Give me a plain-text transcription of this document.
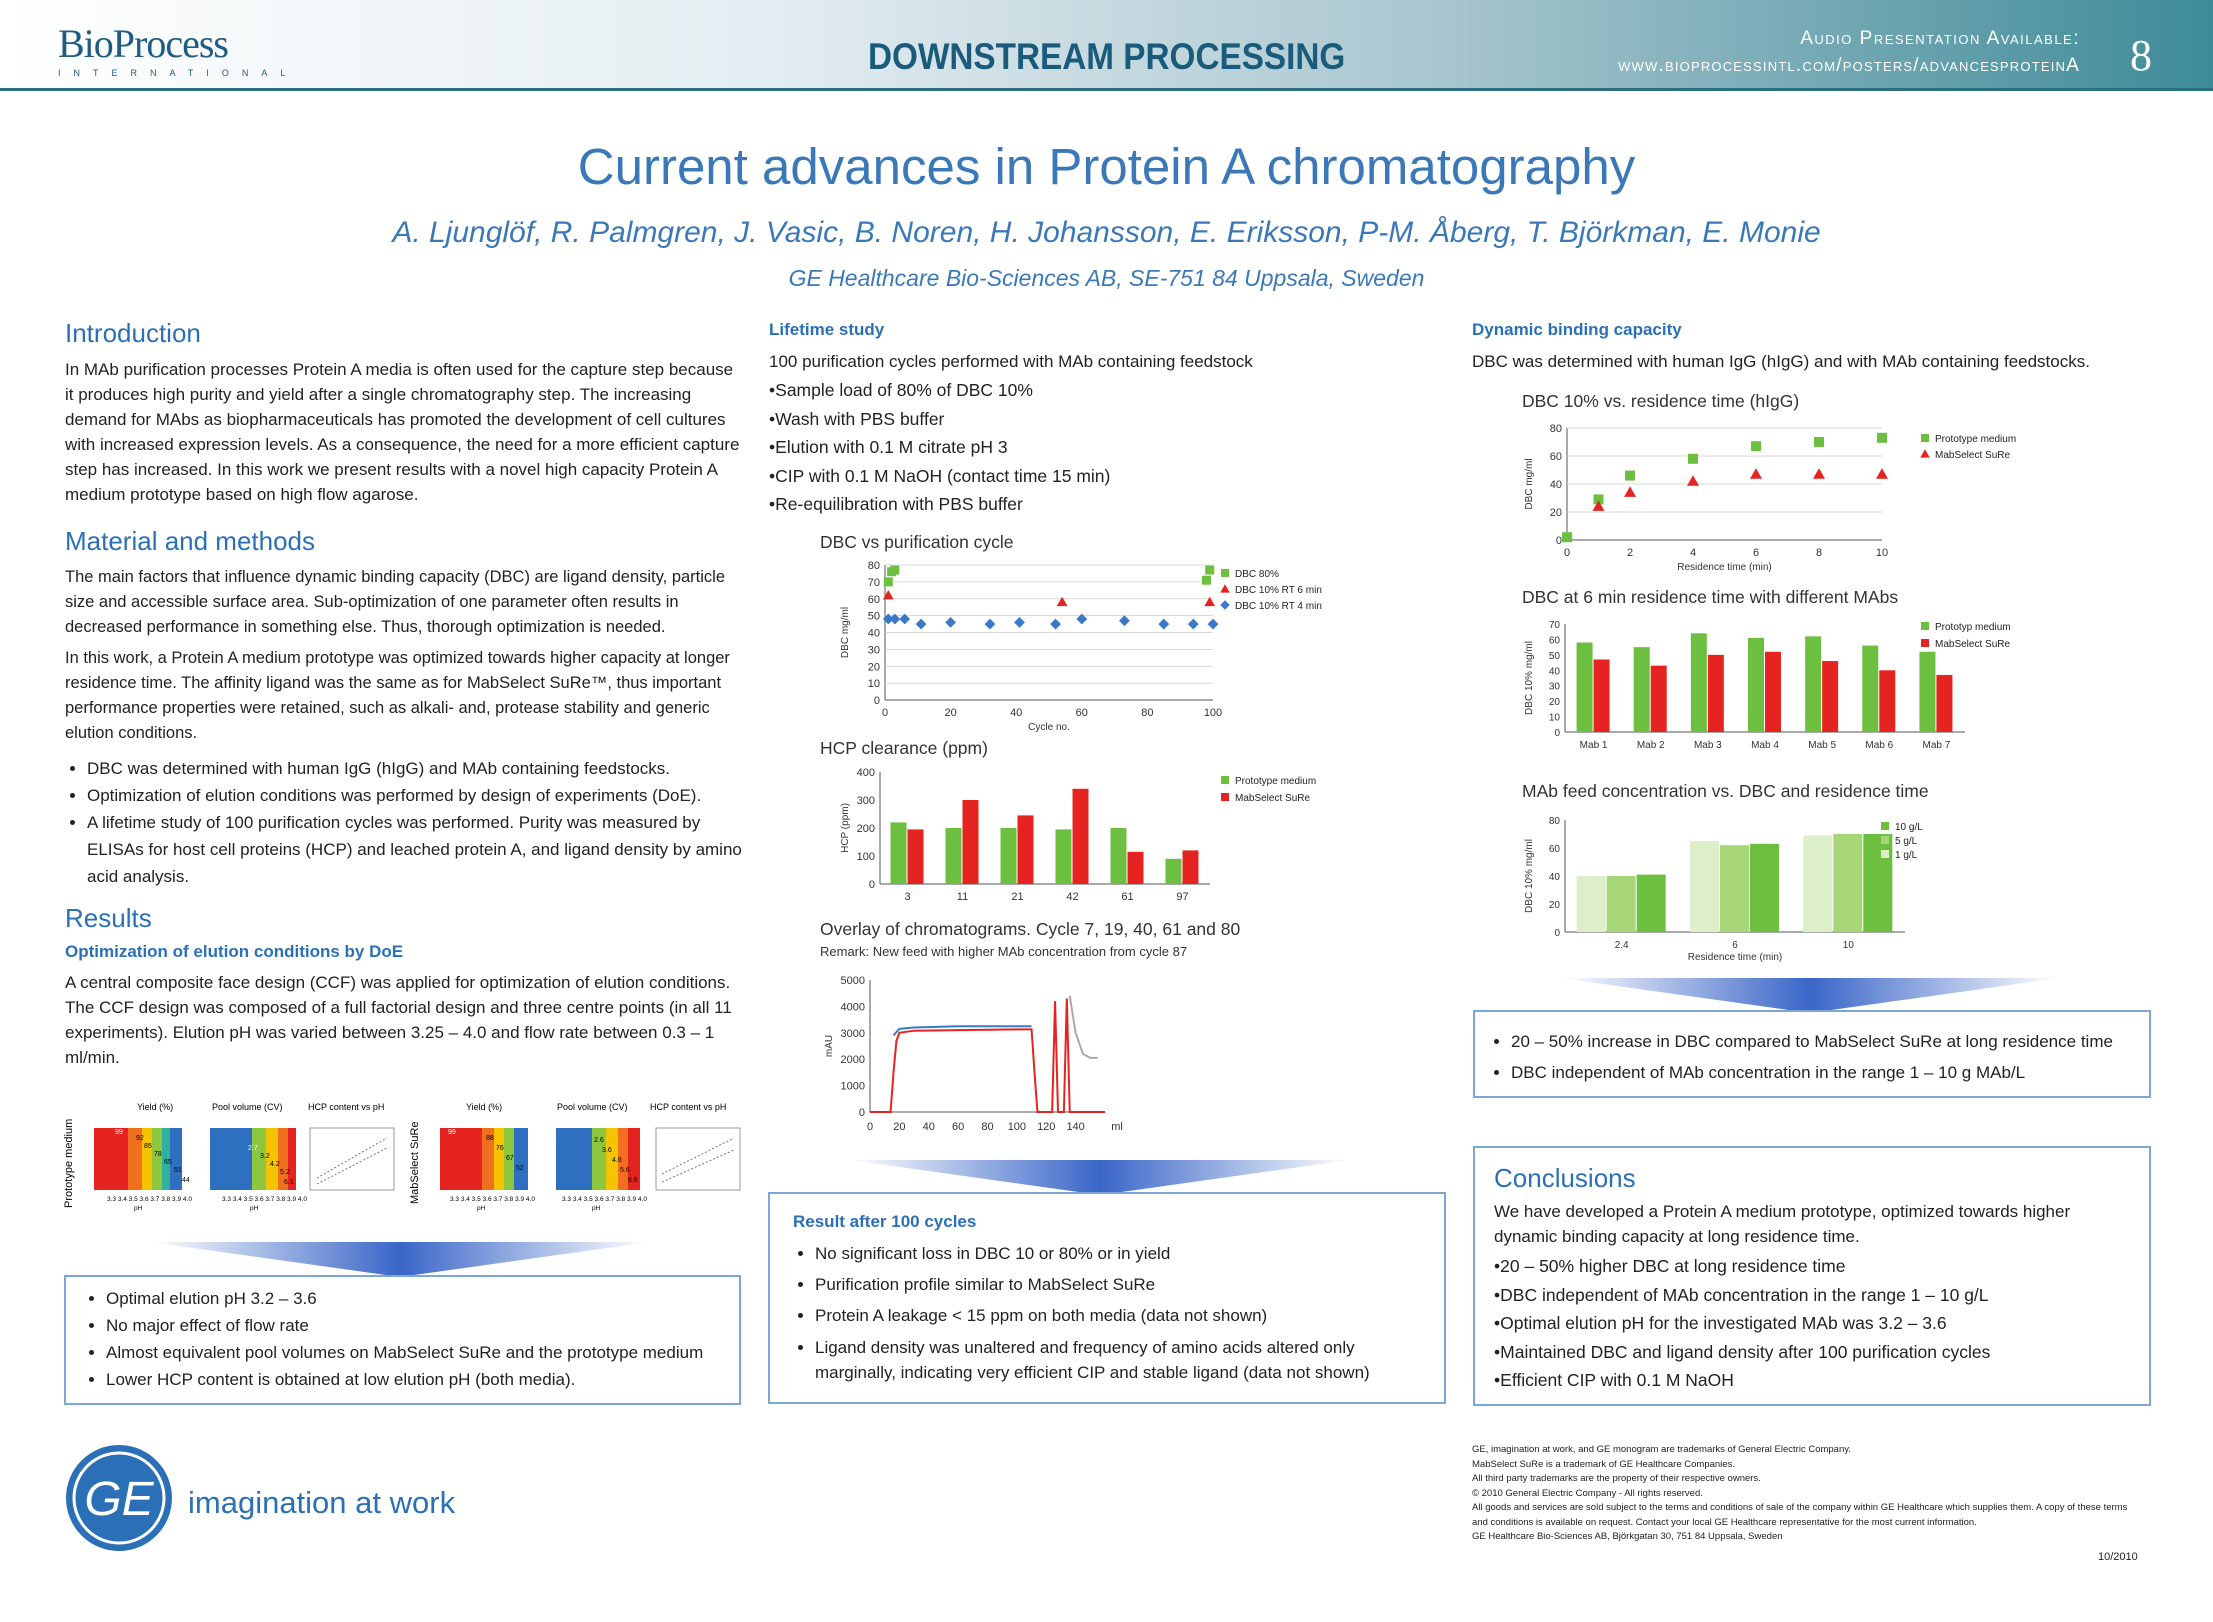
BioProcess
INTERNATIONAL	DOWNSTREAM PROCESSING	Audio Presentation Available:
www.bioprocessintl.com/posters/advancesproteinA 8
Current advances in Protein A chromatography
A. Ljunglöf, R. Palmgren, J. Vasic, B. Noren, H. Johansson, E. Eriksson, P-M. Åberg, T. Björkman, E. Monie
GE Healthcare Bio-Sciences AB, SE-751 84 Uppsala, Sweden
Introduction
In MAb purification processes Protein A media is often used for the capture step because it produces high purity and yield after a single chromatography step. The increasing demand for MAbs as biopharmaceuticals has promoted the development of cell cultures with increased expression levels. As a consequence, the need for a more efficient capture step has increased. In this work we present results with a novel high capacity Protein A medium prototype based on high flow agarose.
Material and methods
The main factors that influence dynamic binding capacity (DBC) are ligand density, particle size and accessible surface area. Sub-optimization of one parameter often results in decreased performance in something else. Thus, thorough optimization is needed.
In this work, a Protein A medium prototype was optimized towards higher capacity at longer residence time. The affinity ligand was the same as for MabSelect SuRe™, thus important performance properties were retained, such as alkali- and, protease stability and generic elution conditions.
• DBC was determined with human IgG (hIgG) and MAb containing feedstocks.
• Optimization of elution conditions was performed by design of experiments (DoE).
• A lifetime study of 100 purification cycles was performed. Purity was measured by ELISAs for host cell proteins (HCP) and leached protein A, and ligand density by amino acid analysis.
Results
Optimization of elution conditions by DoE
A central composite face design (CCF) was applied for optimization of elution conditions. The CCF design was composed of a full factorial design and three centre points (in all 11 experiments). Elution pH was varied between 3.25 – 4.0 and flow rate between 0.3 – 1 ml/min.
Prototype medium
Yield (%)	Pool volume (CV)	HCP content vs pH
99
92
85
78
65
51
44
2.7
3.2
4.2
5.2
6.1
3.3 3.4 3.5 3.6 3.7 3.8 3.9 4.0	3.3 3.4 3.5 3.6 3.7 3.8 3.9 4.0
pH	pH
MabSelect SuRe
Yield (%)	Pool volume (CV) HCP content vs pH
99
88
76
67
52
2.6
3.6
4.6
5.6
6.6
3.3 3.4 3.5 3.6 3.7 3.8 3.9 4.0	3.3 3.4 3.5 3.6 3.7 3.8 3.9 4.0
pH	pH
• Optimal elution pH 3.2 – 3.6
• No major effect of flow rate
• Almost equivalent pool volumes on MabSelect SuRe and the prototype medium
• Lower HCP content is obtained at low elution pH (both media).
GE imagination at work
Lifetime study
100 purification cycles performed with MAb containing feedstock
• Sample load of 80% of DBC 10%
• Wash with PBS buffer
• Elution with 0.1 M citrate pH 3
• CIP with 0.1 M NaOH (contact time 15 min)
• Re-equilibration with PBS buffer
DBC vs purification cycle
0
10
20
30
40
50
60
70
80
DBC mg/ml
0	20	40	60	80	100
Cycle no.
DBC 80%
DBC 10% RT 6 min
DBC 10% RT 4 min
HCP clearance (ppm)
0
100
200
300
400
HCP (ppm)
3	11	21	42	61	97
Prototype medium
MabSelect SuRe
Overlay of chromatograms. Cycle 7, 19, 40, 61 and 80
Remark: New feed with higher MAb concentration from cycle 87
0
1000
2000
3000
4000
5000
mAU
0 20 40 60 80 100 120 140 ml
Result after 100 cycles
• No significant loss in DBC 10 or 80% or in yield
• Purification profile similar to MabSelect SuRe
• Protein A leakage < 15 ppm on both media (data not shown)
• Ligand density was unaltered and frequency of amino acids altered only marginally, indicating very efficient CIP and stable ligand (data not shown)
Dynamic binding capacity
DBC was determined with human IgG (hIgG) and with MAb containing feedstocks.
DBC 10% vs. residence time (hIgG)
0
20
40
60
80
DBC mg/ml
0	2	4	6	8	10
Residence time (min)
Prototype medium
MabSelect SuRe
DBC at 6 min residence time with different MAbs
0
10
20
30
40
50
60
70
DBC 10% mg/ml
Mab 1	Mab 2	Mab 3	Mab 4	Mab 5	Mab 6	Mab 7
Prototyp medium
MabSelect SuRe
MAb feed concentration vs. DBC and residence time
0
20
40
60
80
DBC 10% mg/ml
2.4	6	10
Residence time (min)
10 g/L
5 g/L
1 g/L
• 20 – 50% increase in DBC compared to MabSelect SuRe at long residence time
• DBC independent of MAb concentration in the range 1 – 10 g MAb/L
Conclusions
We have developed a Protein A medium prototype, optimized towards higher dynamic binding capacity at long residence time.
• 20 – 50% higher DBC at long residence time
• DBC independent of MAb concentration in the range 1 – 10 g/L
• Optimal elution pH for the investigated MAb was 3.2 – 3.6
• Maintained DBC and ligand density after 100 purification cycles
• Efficient CIP with 0.1 M NaOH
GE, imagination at work, and GE monogram are trademarks of General Electric Company.
MabSelect SuRe is a trademark of GE Healthcare Companies.
All third party trademarks are the property of their respective owners.
© 2010 General Electric Company - All rights reserved.
All goods and services are sold subject to the terms and conditions of sale of the company within GE Healthcare which supplies them. A copy of these terms and conditions is available on request. Contact your local GE Healthcare representative for the most current information.
GE Healthcare Bio-Sciences AB, Björkgatan 30, 751 84 Uppsala, Sweden
10/2010
